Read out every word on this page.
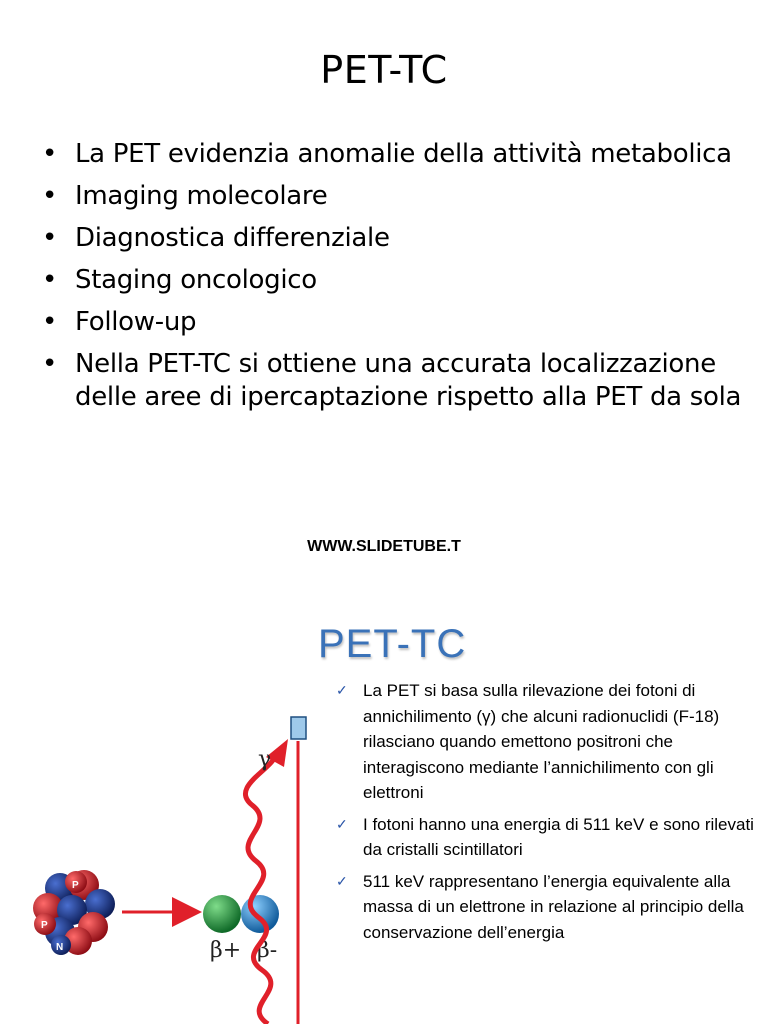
PET-TC
• La PET evidenzia anomalie della attività metabolica
• Imaging molecolare
• Diagnostica differenziale
• Staging oncologico
• Follow-up
• Nella PET-TC si ottiene una accurata localizzazione delle aree di ipercaptazione rispetto alla PET da sola
WWW.SLIDETUBE.T
PET-TC
✓ La PET si basa sulla rilevazione dei fotoni di annichilimento (γ) che alcuni radionuclidi (F-18) rilasciano quando emettono positroni che interagiscono mediante l’annichilimento con gli elettroni
✓ I fotoni hanno una energia di 511 keV e sono rilevati da cristalli scintillatori
✓ 511 keV rappresentano l’energia equivalente alla massa di un elettrone in relazione al principio della conservazione dell’energia
P
P
N	β+ β-
γ
